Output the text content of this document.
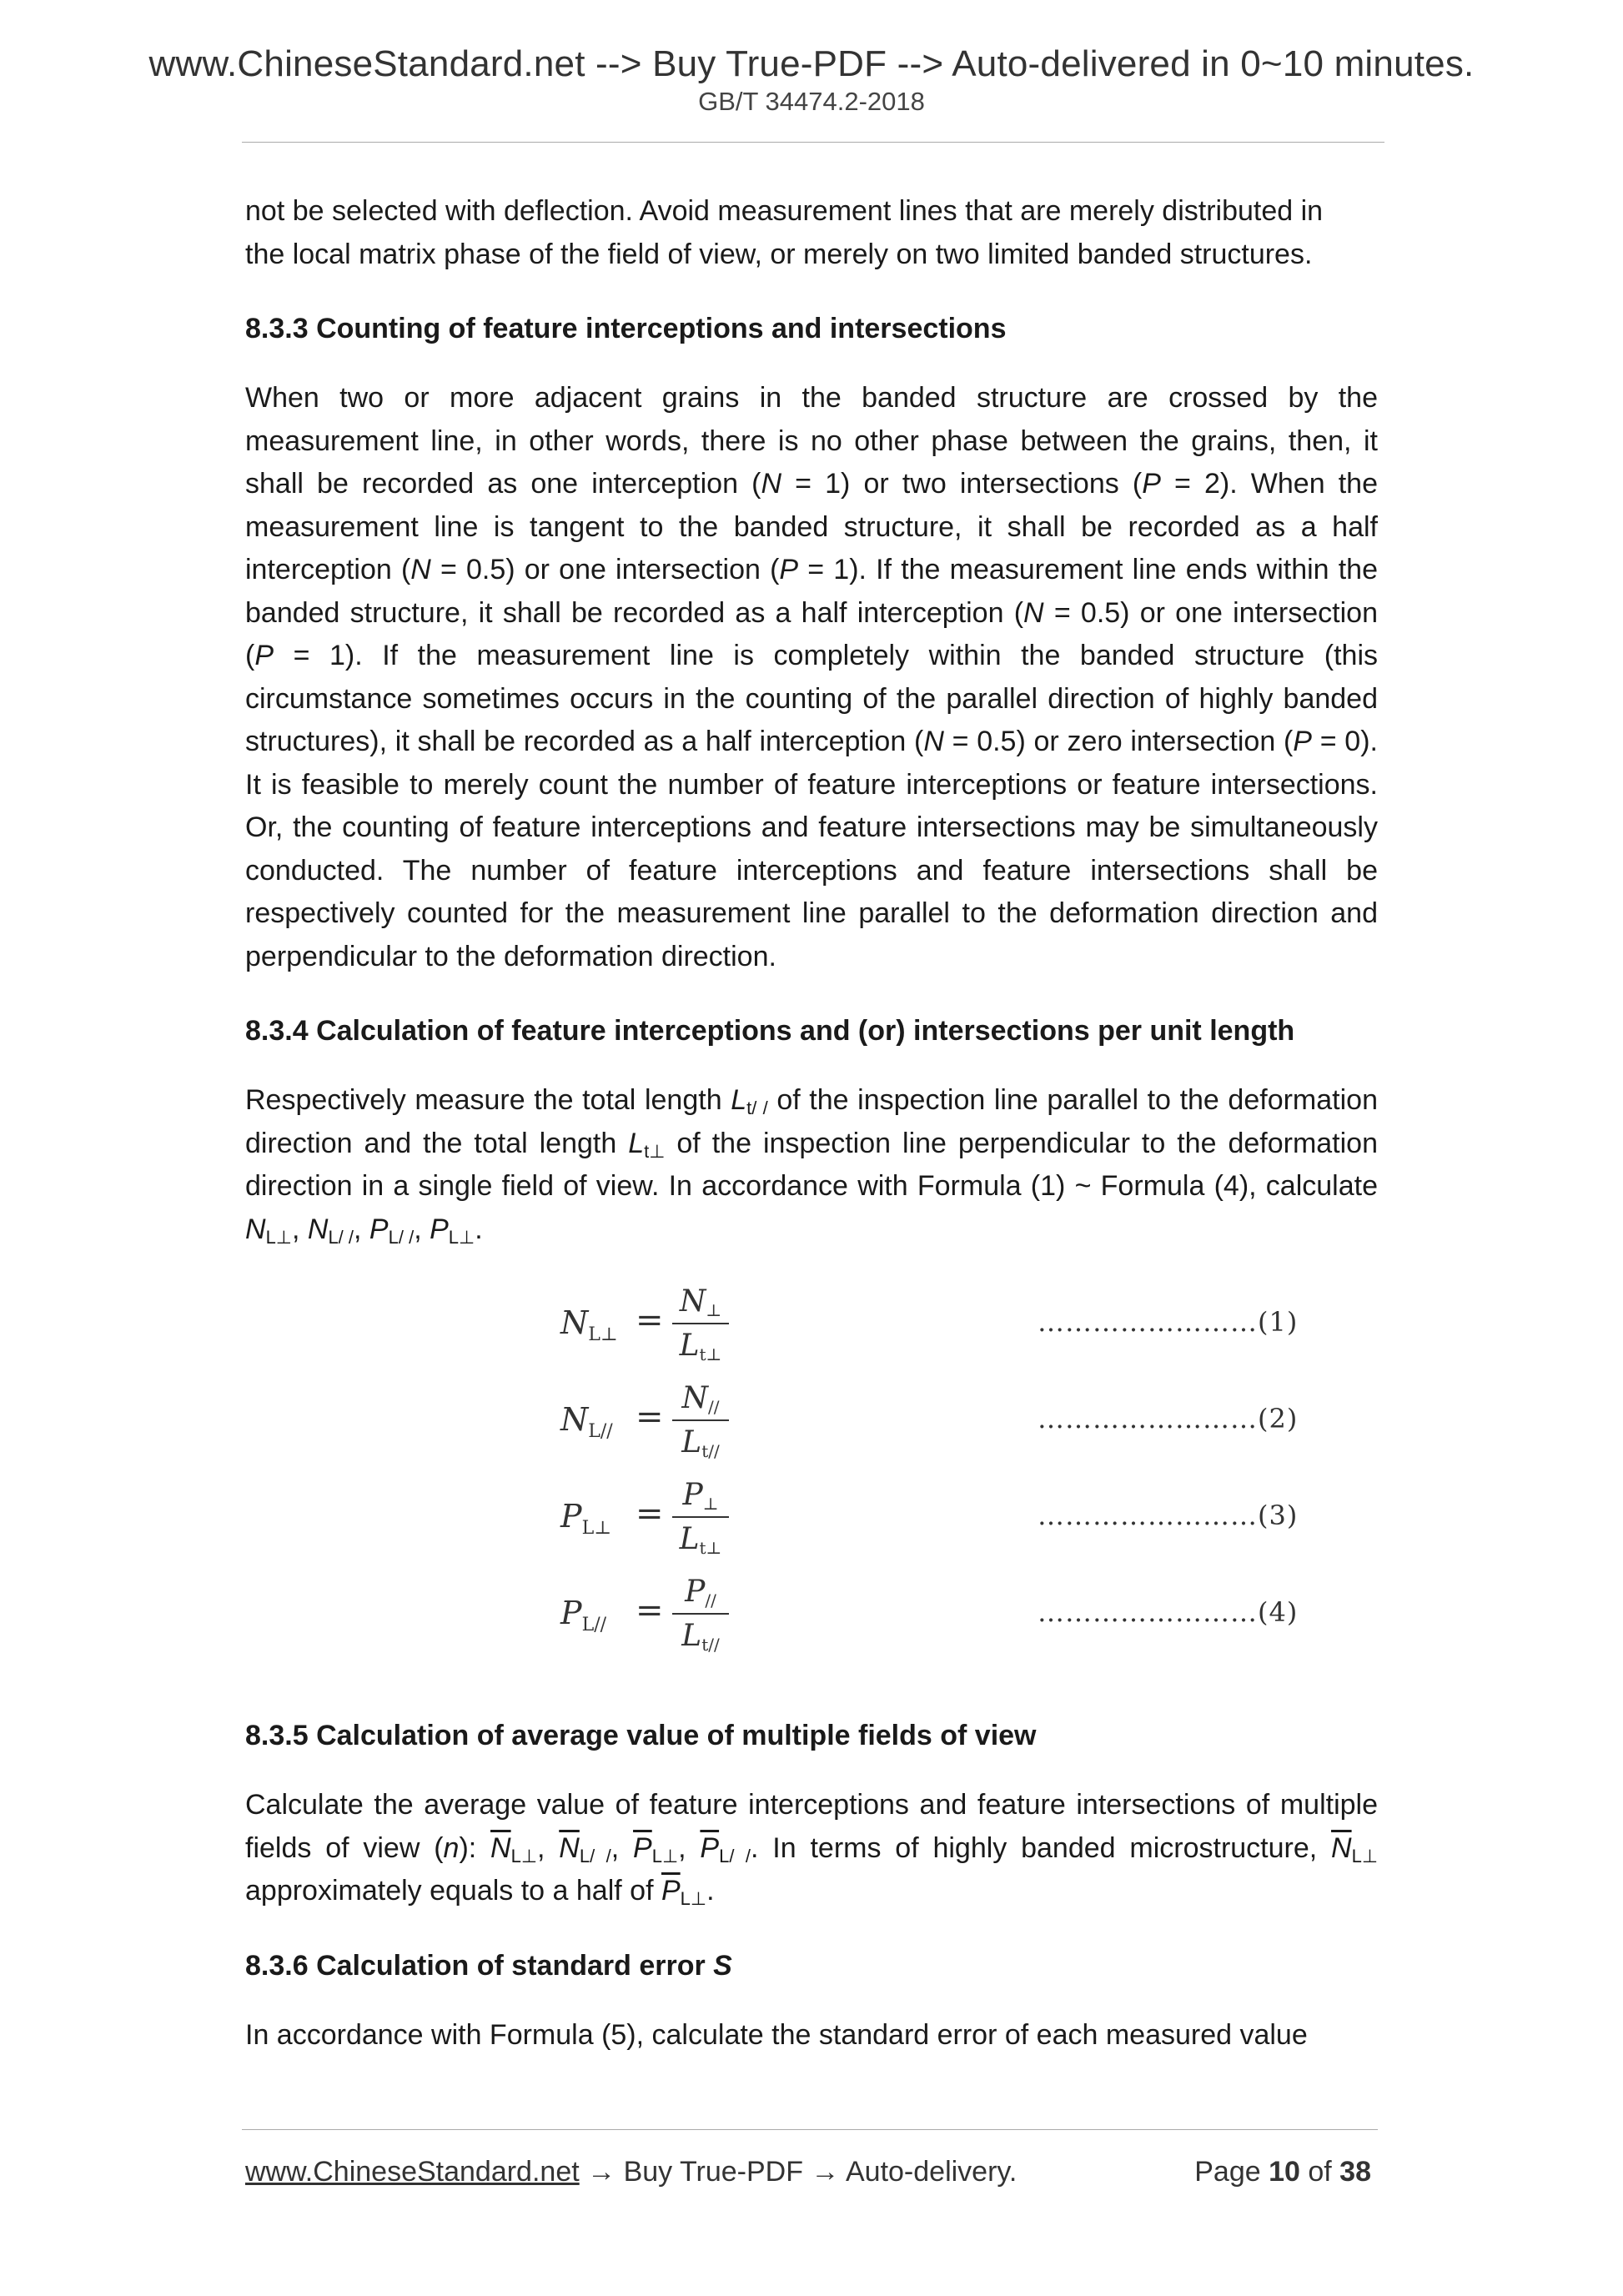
www.ChineseStandard.net --> Buy True-PDF --> Auto-delivered in 0~10 minutes.
GB/T 34474.2-2018

not be selected with deflection. Avoid measurement lines that are merely distributed in
the local matrix phase of the field of view, or merely on two limited banded structures.

8.3.3 Counting of feature interceptions and intersections

When two or more adjacent grains in the banded structure are crossed by the measurement line, in other words, there is no other phase between the grains, then, it shall be recorded as one interception (N = 1) or two intersections (P = 2). When the measurement line is tangent to the banded structure, it shall be recorded as a half interception (N = 0.5) or one intersection (P = 1). If the measurement line ends within the banded structure, it shall be recorded as a half interception (N = 0.5) or one intersection (P = 1). If the measurement line is completely within the banded structure (this circumstance sometimes occurs in the counting of the parallel direction of highly banded structures), it shall be recorded as a half interception (N = 0.5) or zero intersection (P = 0). It is feasible to merely count the number of feature interceptions or feature intersections. Or, the counting of feature interceptions and feature intersections may be simultaneously conducted. The number of feature interceptions and feature intersections shall be respectively counted for the measurement line parallel to the deformation direction and perpendicular to the deformation direction.

8.3.4 Calculation of feature interceptions and (or) intersections per unit length

Respectively measure the total length $L_{t/ /}$ of the inspection line parallel to the deformation direction and the total length $L_{t\perp}$ of the inspection line perpendicular to the deformation direction in a single field of view. In accordance with Formula (1) ~ Formula (4), calculate $N_{L\perp}$, $N_{L/ /}$, $P_{L/ /}$, $P_{L\perp}$.

$N_{L\perp} = N_\perp$
$L_{t\perp}$
……………………(1)
$N_{L//} = N_{//}$
$L_{t//}$
……………………(2)
$P_{L\perp} = P_\perp$
$L_{t\perp}$
……………………(3)
$P_{L//} = P_{//}$
$L_{t//}$
……………………(4)
8.3.5 Calculation of average value of multiple fields of view

Calculate the average value of feature interceptions and feature intersections of multiple fields of view (n): $\overline{N}_{L\perp}$, $\overline{N}_{L/ /}$, $\overline{P}_{L\perp}$, $\overline{P}_{L/ /}$. In terms of highly banded microstructure, $\overline{N}_{L\perp}$ approximately equals to a half of $\overline{P}_{L\perp}$.

8.3.6 Calculation of standard error S

In accordance with Formula (5), calculate the standard error of each measured value

www.ChineseStandard.net → Buy True-PDF → Auto-delivery.	Page 10 of 38
